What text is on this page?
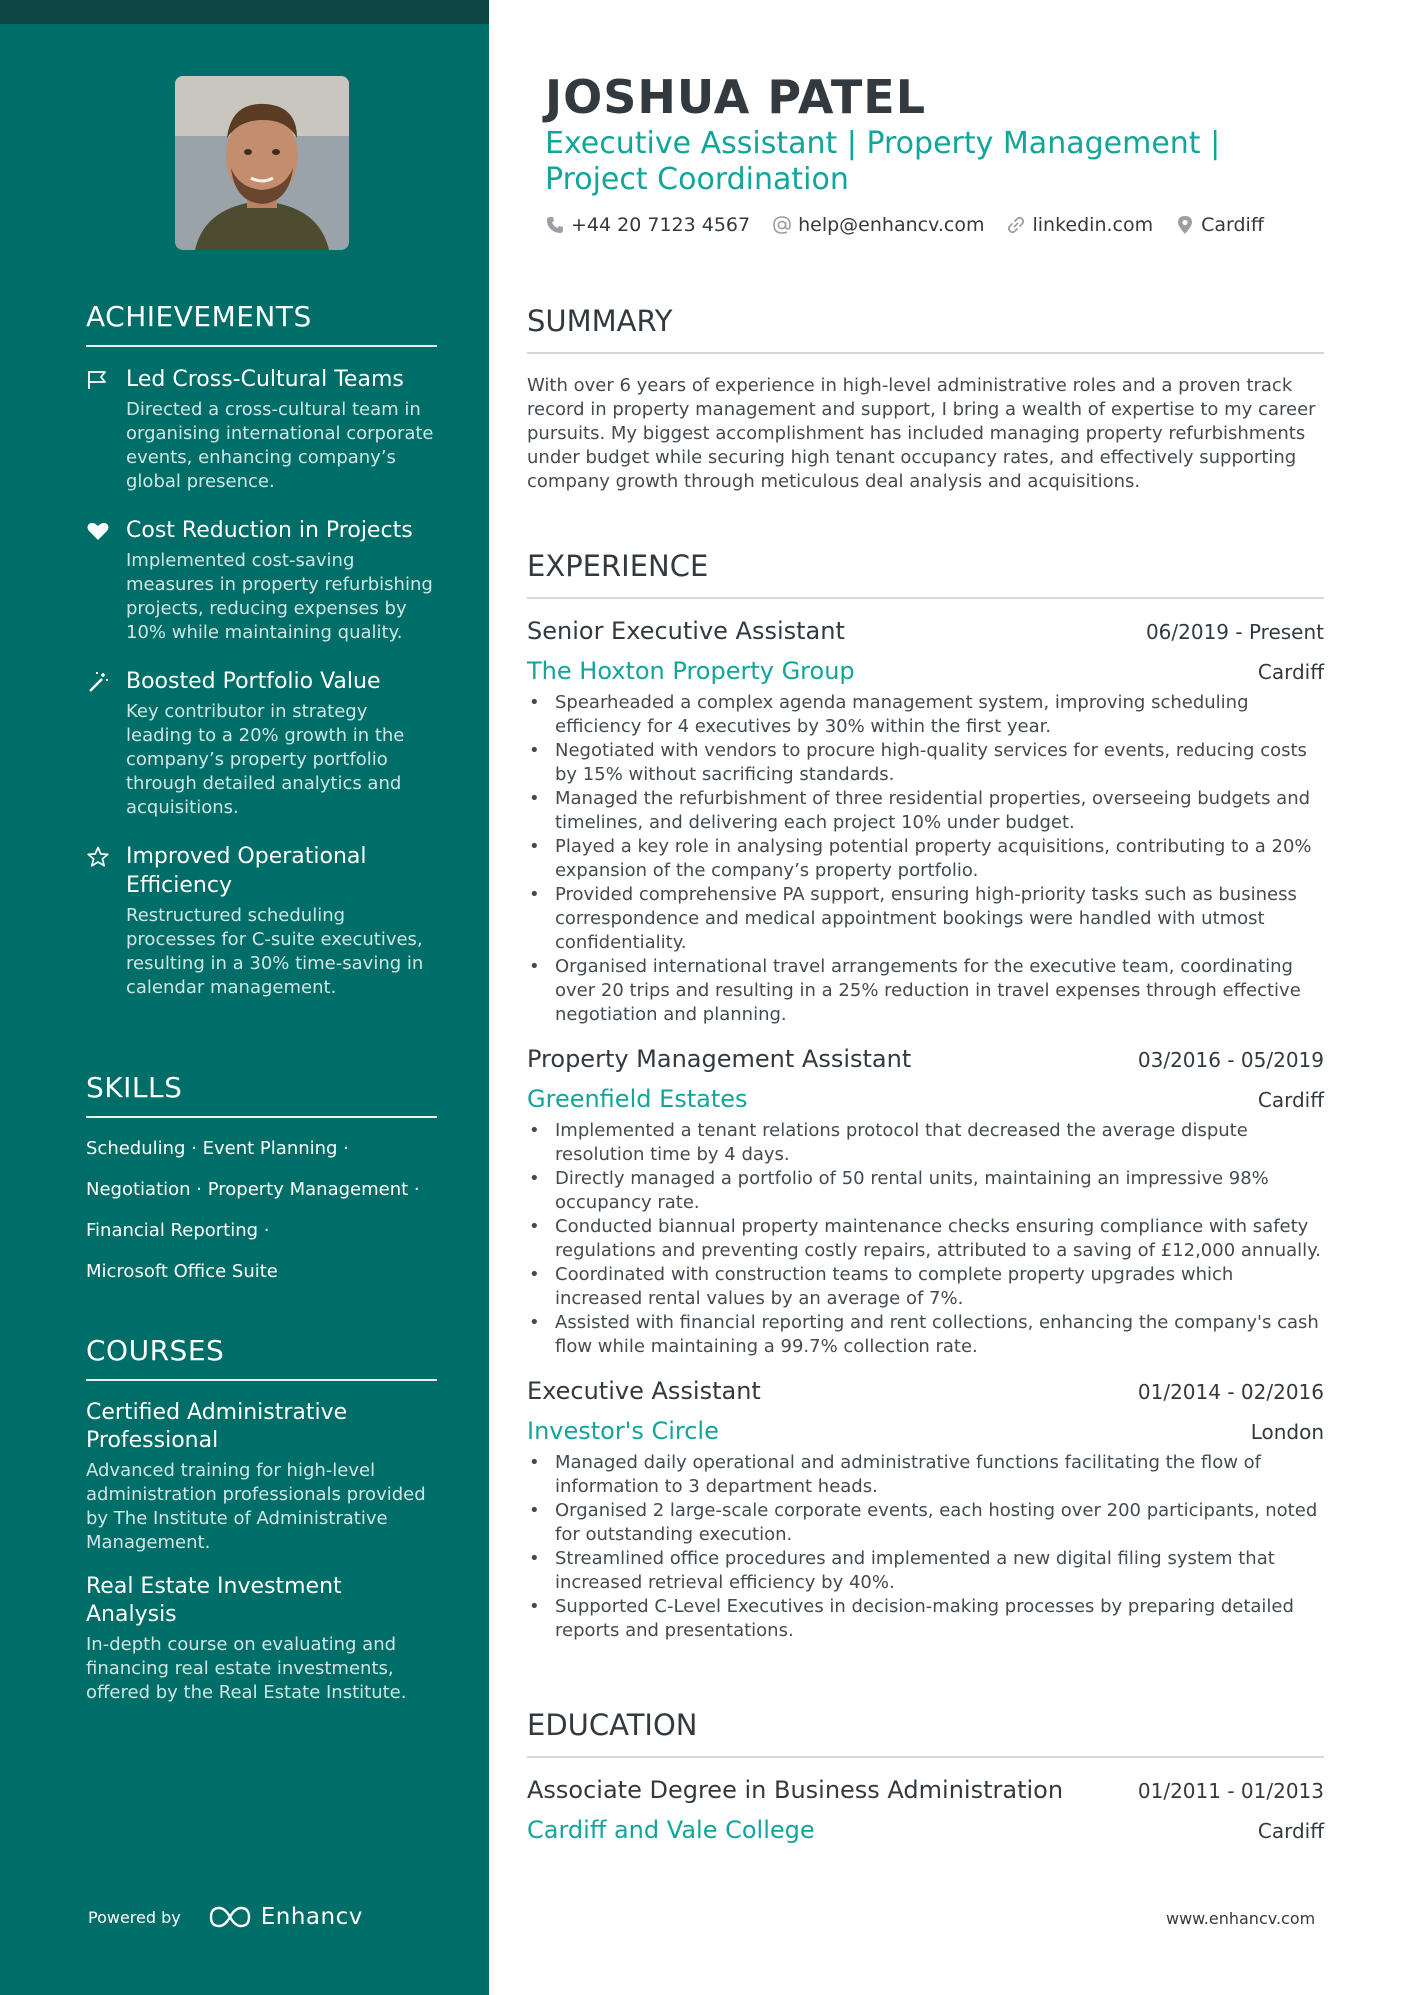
ACHIEVEMENTS
Led Cross-Cultural Teams
Directed a cross-cultural team in organising international corporate events, enhancing company’s global presence.
Cost Reduction in Projects
Implemented cost-saving measures in property refurbishing projects, reducing expenses by 10% while maintaining quality.
Boosted Portfolio Value
Key contributor in strategy leading to a 20% growth in the company’s property portfolio through detailed analytics and acquisitions.
Improved Operational Efficiency
Restructured scheduling processes for C-suite executives, resulting in a 30% time-saving in calendar management.
SKILLS
Scheduling · Event Planning ·
Negotiation · Property Management ·
Financial Reporting ·
Microsoft Office Suite
COURSES
Certified Administrative Professional
Advanced training for high-level administration professionals provided by The Institute of Administrative Management.
Real Estate Investment Analysis
In-depth course on evaluating and financing real estate investments, offered by the Real Estate Institute.
Powered by	Enhancv
JOSHUA PATEL
Executive Assistant | Property Management | Project Coordination
+44 20 7123 4567	help@enhancv.com	linkedin.com	Cardiff
SUMMARY
With over 6 years of experience in high-level administrative roles and a proven track record in property management and support, I bring a wealth of expertise to my career pursuits. My biggest accomplishment has included managing property refurbishments under budget while securing high tenant occupancy rates, and effectively supporting company growth through meticulous deal analysis and acquisitions.
EXPERIENCE
Senior Executive Assistant	06/2019 - Present
The Hoxton Property Group	Cardiff
• Spearheaded a complex agenda management system, improving scheduling efficiency for 4 executives by 30% within the first year.
• Negotiated with vendors to procure high-quality services for events, reducing costs by 15% without sacrificing standards.
• Managed the refurbishment of three residential properties, overseeing budgets and timelines, and delivering each project 10% under budget.
• Played a key role in analysing potential property acquisitions, contributing to a 20% expansion of the company’s property portfolio.
• Provided comprehensive PA support, ensuring high-priority tasks such as business correspondence and medical appointment bookings were handled with utmost confidentiality.
• Organised international travel arrangements for the executive team, coordinating over 20 trips and resulting in a 25% reduction in travel expenses through effective negotiation and planning.
Property Management Assistant	03/2016 - 05/2019
Greenfield Estates	Cardiff
• Implemented a tenant relations protocol that decreased the average dispute resolution time by 4 days.
• Directly managed a portfolio of 50 rental units, maintaining an impressive 98% occupancy rate.
• Conducted biannual property maintenance checks ensuring compliance with safety regulations and preventing costly repairs, attributed to a saving of £12,000 annually.
• Coordinated with construction teams to complete property upgrades which increased rental values by an average of 7%.
• Assisted with financial reporting and rent collections, enhancing the company's cash flow while maintaining a 99.7% collection rate.
Executive Assistant	01/2014 - 02/2016
Investor's Circle	London
• Managed daily operational and administrative functions facilitating the flow of information to 3 department heads.
• Organised 2 large-scale corporate events, each hosting over 200 participants, noted for outstanding execution.
• Streamlined office procedures and implemented a new digital filing system that increased retrieval efficiency by 40%.
• Supported C-Level Executives in decision-making processes by preparing detailed reports and presentations.
EDUCATION
Associate Degree in Business Administration	01/2011 - 01/2013
Cardiff and Vale College	Cardiff
www.enhancv.com
